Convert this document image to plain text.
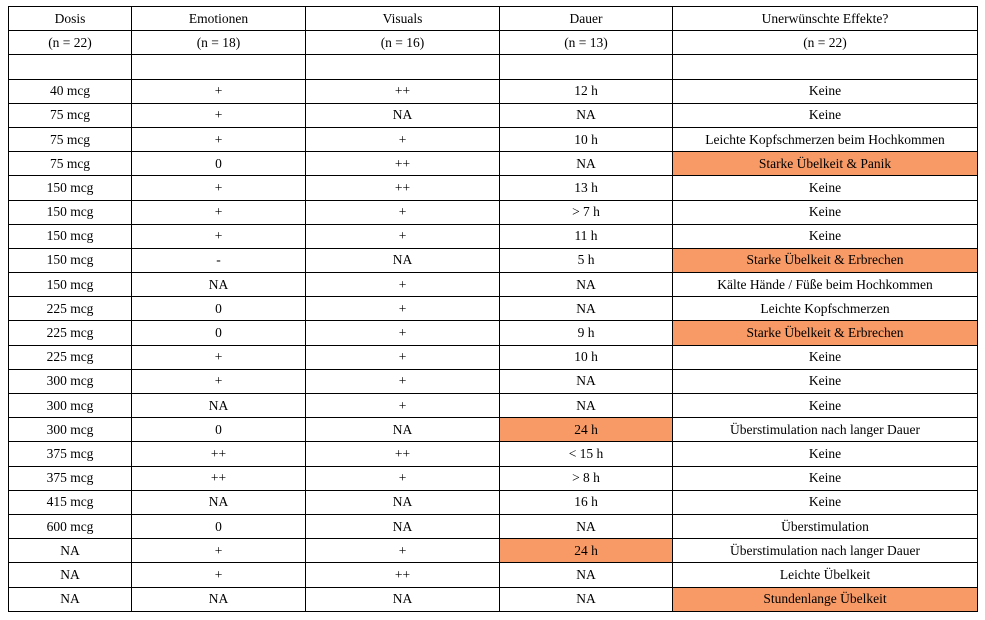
Dosis	Emotionen	Visuals	Dauer	Unerwünschte Effekte?
(n = 22)	(n = 18)	(n = 16)	(n = 13)	(n = 22)

40 mcg	+	++	12 h	Keine
75 mcg	+	NA	NA	Keine
75 mcg	+	+	10 h	Leichte Kopfschmerzen beim Hochkommen
75 mcg	0	++	NA	Starke Übelkeit & Panik
150 mcg	+	++	13 h	Keine
150 mcg	+	+	> 7 h	Keine
150 mcg	+	+	11 h	Keine
150 mcg	-	NA	5 h	Starke Übelkeit & Erbrechen
150 mcg	NA	+	NA	Kälte Hände / Füße beim Hochkommen
225 mcg	0	+	NA	Leichte Kopfschmerzen
225 mcg	0	+	9 h	Starke Übelkeit & Erbrechen
225 mcg	+	+	10 h	Keine
300 mcg	+	+	NA	Keine
300 mcg	NA	+	NA	Keine
300 mcg	0	NA	24 h	Überstimulation nach langer Dauer
375 mcg	++	++	< 15 h	Keine
375 mcg	++	+	> 8 h	Keine
415 mcg	NA	NA	16 h	Keine
600 mcg	0	NA	NA	Überstimulation
NA	+	+	24 h	Überstimulation nach langer Dauer
NA	+	++	NA	Leichte Übelkeit
NA	NA	NA	NA	Stundenlange Übelkeit
